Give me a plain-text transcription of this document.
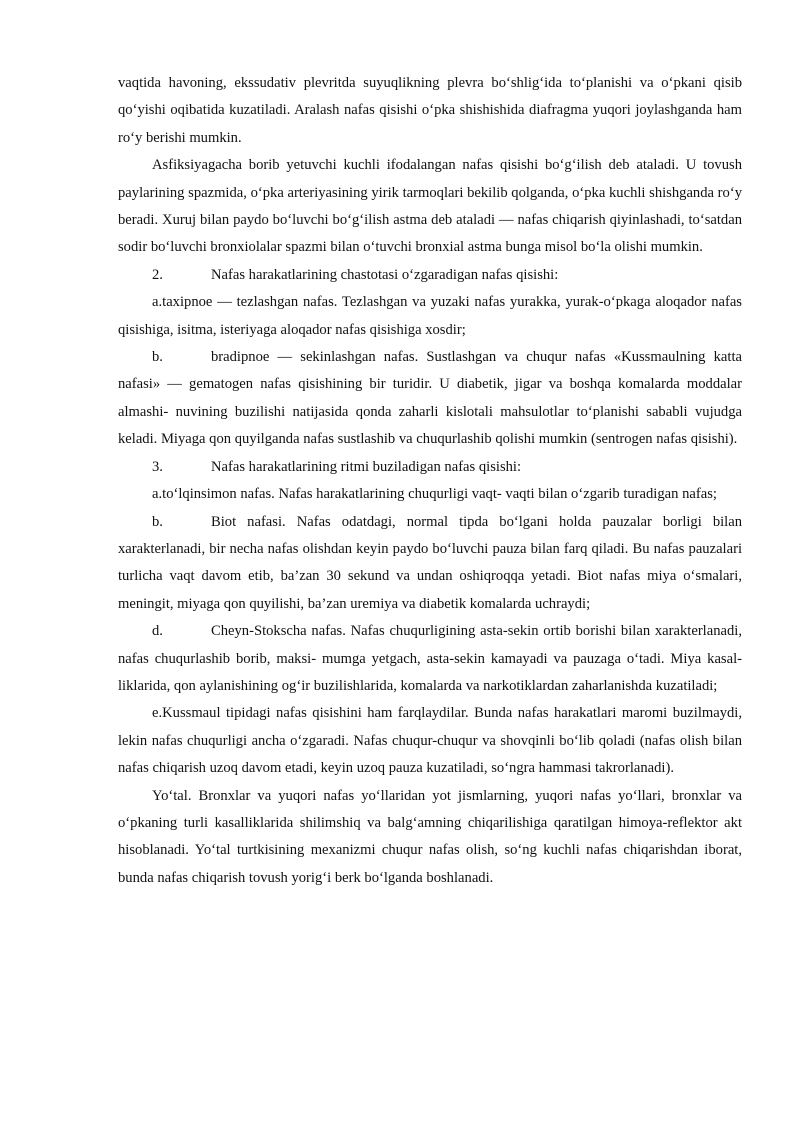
vaqtida havoning, ekssudativ plevritda suyuqlikning plevra bo‘shlig‘ida to‘planishi va o‘pkani qisib qo‘yishi oqibatida kuzatiladi. Aralash nafas qisishi o‘pka shishishida diafragma yuqori joylashganda ham ro‘y berishi mumkin.

Asfiksiyagacha borib yetuvchi kuchli ifodalangan nafas qisishi bo‘g‘ilish deb ataladi. U tovush paylarining spazmida, o‘pka arteriyasining yirik tarmoqlari bekilib qolganda, o‘pka kuchli shishganda ro‘y beradi. Xuruj bilan paydo bo‘luvchi bo‘g‘ilish astma deb ataladi — nafas chiqarish qiyinlashadi, to‘satdan sodir bo‘luvchi bronxiolalar spazmi bilan o‘tuvchi bronxial astma bunga misol bo‘la olishi mumkin.

2.	Nafas harakatlarining chastotasi o‘zgaradigan nafas qisishi:

a.taxipnoe — tezlashgan nafas. Tezlashgan va yuzaki nafas yurakka, yurak-o‘pkaga aloqador nafas qisishiga, isitma, isteriyaga aloqador nafas qisishiga xosdir;

b.	bradipnoe — sekinlashgan nafas. Sustlashgan va chuqur nafas «Kussmaulning katta nafasi» — gematogen nafas qisishining bir turidir. U diabetik, jigar va boshqa komalarda moddalar almashi- nuvining buzilishi natijasida qonda zaharli kislotali mahsulotlar to‘planishi sababli vujudga keladi. Miyaga qon quyilganda nafas sustlashib va chuqurlashib qolishi mumkin (sentrogen nafas qisishi).

3.	Nafas harakatlarining ritmi buziladigan nafas qisishi:

a.to‘lqinsimon nafas. Nafas harakatlarining chuqurligi vaqt- vaqti bilan o‘zgarib turadigan nafas;

b.	Biot nafasi. Nafas odatdagi, normal tipda bo‘lgani holda pauzalar borligi bilan xarakterlanadi, bir necha nafas olishdan keyin paydo bo‘luvchi pauza bilan farq qiladi. Bu nafas pauzalari turlicha vaqt davom etib, ba’zan 30 sekund va undan oshiqroqqa yetadi. Biot nafas miya o‘smalari, meningit, miyaga qon quyilishi, ba’zan uremiya va diabetik komalarda uchraydi;

d.	Cheyn-Stokscha nafas. Nafas chuqurligining asta-sekin ortib borishi bilan xarakterlanadi, nafas chuqurlashib borib, maksi- mumga yetgach, asta-sekin kamayadi va pauzaga o‘tadi. Miya kasal- liklarida, qon aylanishining og‘ir buzilishlarida, komalarda va narkotiklardan zaharlanishda kuzatiladi;

e.Kussmaul tipidagi nafas qisishini ham farqlaydilar. Bunda nafas harakatlari maromi buzilmaydi, lekin nafas chuqurligi ancha o‘zgaradi. Nafas chuqur-chuqur va shovqinli bo‘lib qoladi (nafas olish bilan nafas chiqarish uzoq davom etadi, keyin uzoq pauza kuzatiladi, so‘ngra hammasi takrorlanadi).

Yo‘tal. Bronxlar va yuqori nafas yo‘llaridan yot jismlarning, yuqori nafas yo‘llari, bronxlar va o‘pkaning turli kasalliklarida shilimshiq va balg‘amning chiqarilishiga qaratilgan himoya-reflektor akt hisoblanadi. Yo‘tal turtkisining mexanizmi chuqur nafas olish, so‘ng kuchli nafas chiqarishdan iborat, bunda nafas chiqarish tovush yorig‘i berk bo‘lganda boshlanadi.
